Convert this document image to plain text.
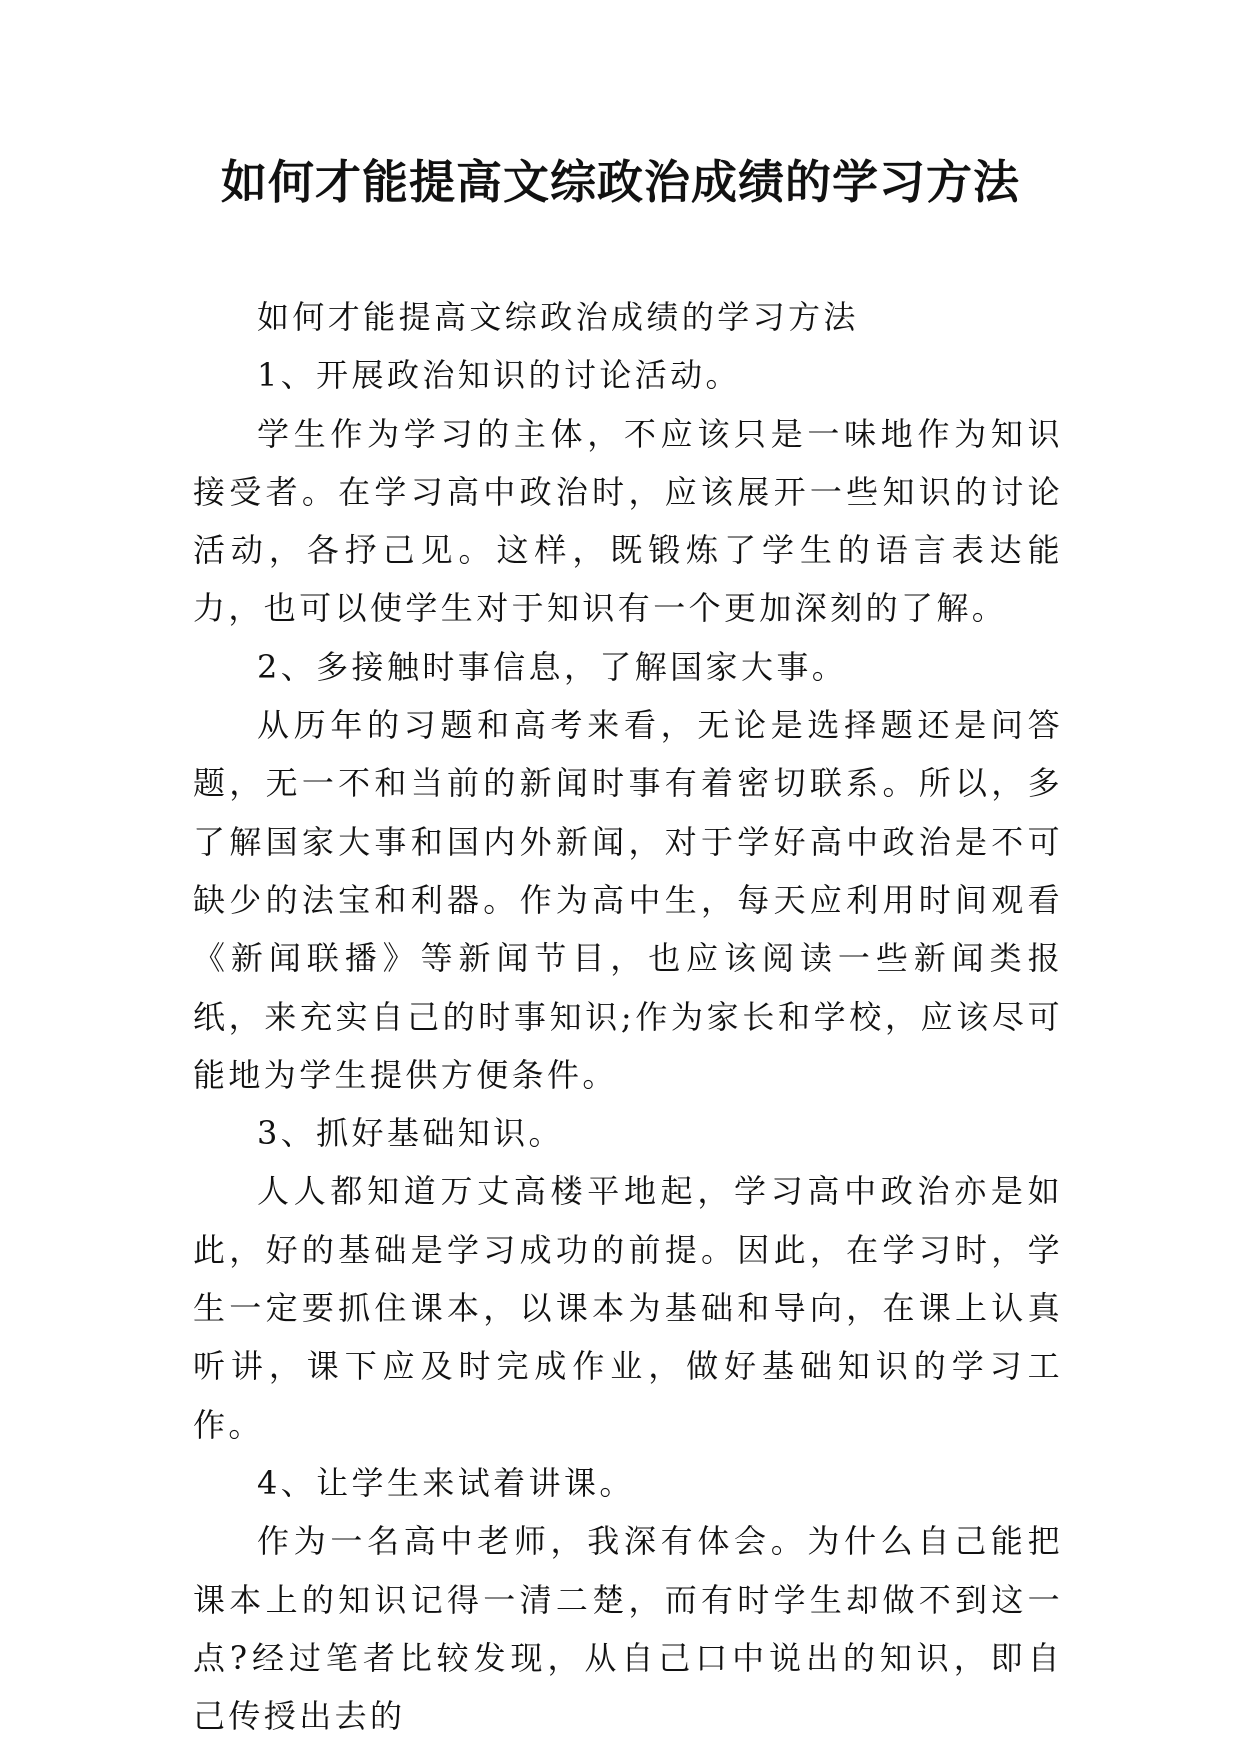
如何才能提高文综政治成绩的学习方法

如何才能提高文综政治成绩的学习方法

1、开展政治知识的讨论活动。

学生作为学习的主体，不应该只是一味地作为知识接受者。在学习高中政治时，应该展开一些知识的讨论活动，各抒己见。这样，既锻炼了学生的语言表达能力，也可以使学生对于知识有一个更加深刻的了解。

2、多接触时事信息，了解国家大事。

从历年的习题和高考来看，无论是选择题还是问答题，无一不和当前的新闻时事有着密切联系。所以，多了解国家大事和国内外新闻，对于学好高中政治是不可缺少的法宝和利器。作为高中生，每天应利用时间观看《新闻联播》等新闻节目，也应该阅读一些新闻类报纸，来充实自己的时事知识;作为家长和学校，应该尽可能地为学生提供方便条件。

3、抓好基础知识。

人人都知道万丈高楼平地起，学习高中政治亦是如此，好的基础是学习成功的前提。因此，在学习时，学生一定要抓住课本，以课本为基础和导向，在课上认真听讲，课下应及时完成作业，做好基础知识的学习工作。

4、让学生来试着讲课。

作为一名高中老师，我深有体会。为什么自己能把课本上的知识记得一清二楚，而有时学生却做不到这一点?经过笔者比较发现，从自己口中说出的知识，即自己传授出去的
